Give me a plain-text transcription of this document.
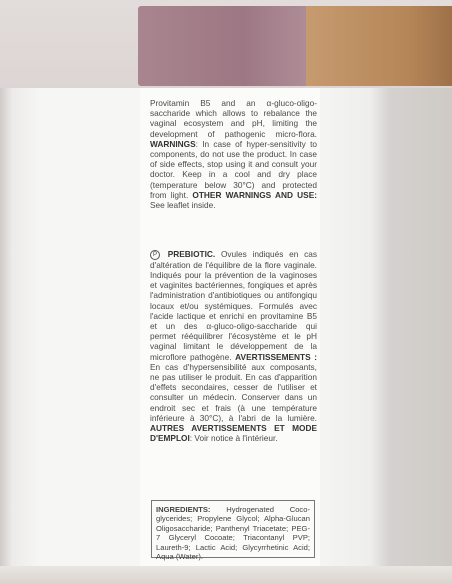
Provitamin B5 and an α-gluco-oligo-saccharide which allows to rebalance the vaginal ecosystem and pH, limiting the development of pathogenic micro-flora. WARNINGS: In case of hyper-sensitivity to components, do not use the product. In case of side effects, stop using it and consult your doctor. Keep in a cool and dry place (temperature below 30°C) and protected from light. OTHER WARNINGS AND USE: See leaflet inside.
P PREBIOTIC. Ovules indiqués en cas d'altération de l'équilibre de la flore vaginale. Indiqués pour la prévention de la vaginoses et vaginites bactériennes, fongiques et après l'administration d'antibiotiques ou antifongiqu locaux et/ou systémiques. Formulés avec l'acide lactique et enrichi en provitamine B5 et un des α-gluco-oligo-saccharide qui permet rééquilibrer l'écosystème et le pH vaginal limitant le développement de la microflore pathogène. AVERTISSEMENTS : En cas d'hypersensibilité aux composants, ne pas utiliser le produit. En cas d'apparition d'effets secondaires, cesser de l'utiliser et consulter un médecin. Conserver dans un endroit sec et frais (à une température inférieure à 30°C), à l'abri de la lumière. AUTRES AVERTISSEMENTS ET MODE D'EMPLOI: Voir notice à l'intérieur.
INGREDIENTS: Hydrogenated Coco-glycerides; Propylene Glycol; Alpha-Glucan Oligosaccharide; Panthenyl Triacetate; PEG-7 Glyceryl Cocoate; Triacontanyl PVP; Laureth-9; Lactic Acid; Glycyrrhetinic Acid; Aqua (Water).
